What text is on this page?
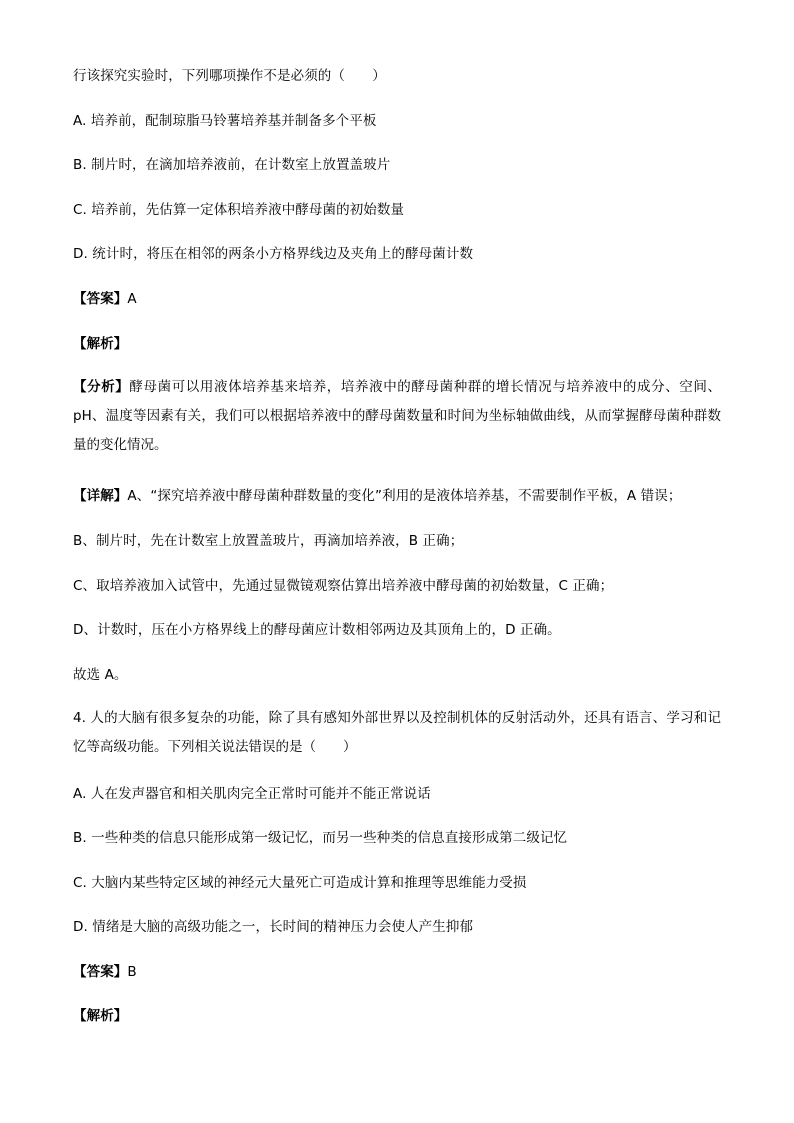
行该探究实验时，下列哪项操作不是必须的（　　）
A. 培养前，配制琼脂马铃薯培养基并制备多个平板
B. 制片时，在滴加培养液前，在计数室上放置盖玻片
C. 培养前，先估算一定体积培养液中酵母菌的初始数量
D. 统计时，将压在相邻的两条小方格界线边及夹角上的酵母菌计数
【答案】A
【解析】
【分析】酵母菌可以用液体培养基来培养，培养液中的酵母菌种群的增长情况与培养液中的成分、空间、pH、温度等因素有关，我们可以根据培养液中的酵母菌数量和时间为坐标轴做曲线，从而掌握酵母菌种群数量的变化情况。
【详解】A、“探究培养液中酵母菌种群数量的变化”利用的是液体培养基，不需要制作平板，A 错误；
B、制片时，先在计数室上放置盖玻片，再滴加培养液，B 正确；
C、取培养液加入试管中，先通过显微镜观察估算出培养液中酵母菌的初始数量，C 正确；
D、计数时，压在小方格界线上的酵母菌应计数相邻两边及其顶角上的，D 正确。
故选 A。
4. 人的大脑有很多复杂的功能，除了具有感知外部世界以及控制机体的反射活动外，还具有语言、学习和记忆等高级功能。下列相关说法错误的是（　　）
A. 人在发声器官和相关肌肉完全正常时可能并不能正常说话
B. 一些种类的信息只能形成第一级记忆，而另一些种类的信息直接形成第二级记忆
C. 大脑内某些特定区域的神经元大量死亡可造成计算和推理等思维能力受损
D. 情绪是大脑的高级功能之一，长时间的精神压力会使人产生抑郁
【答案】B
【解析】
